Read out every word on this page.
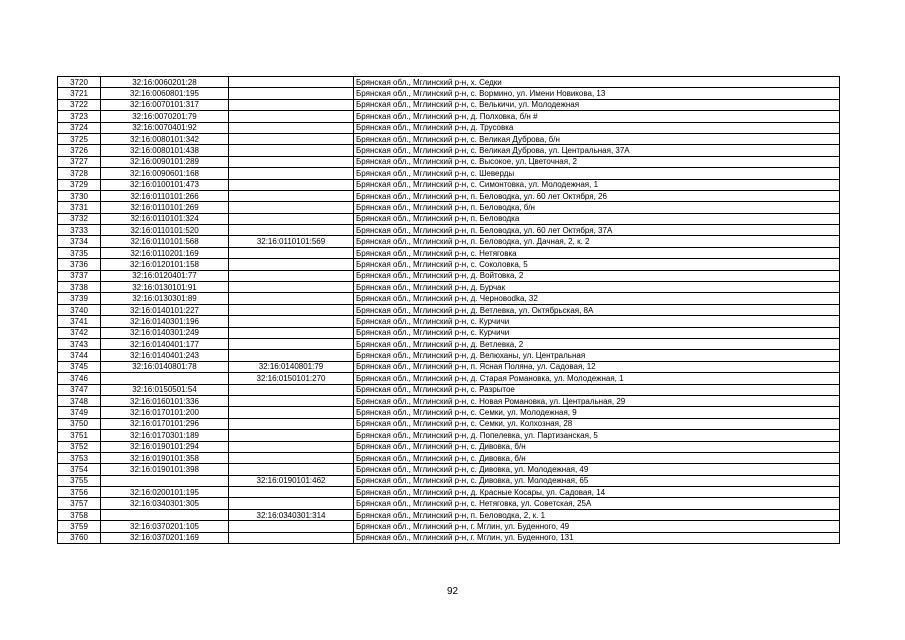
3720	32:16:0060201:28		Брянская обл., Мглинский р-н, х. Седки
3721	32:16:0060801:195		Брянская обл., Мглинский р-н, с. Вормино, ул. Имени Новикова, 13
3722	32:16:0070101:317		Брянская обл., Мглинский р-н, с. Велькичи, ул. Молодежная
3723	32:16:0070201:79		Брянская обл., Мглинский р-н, д. Полховка, б/н #
3724	32:16:0070401:92		Брянская обл., Мглинский р-н, д. Трусовка
3725	32:16:0080101:342		Брянская обл., Мглинский р-н, с. Великая Дуброва, б/н
3726	32:16:0080101:438		Брянская обл., Мглинский р-н, с. Великая Дуброва, ул. Центральная, 37А
3727	32:16:0090101:289		Брянская обл., Мглинский р-н, с. Высокое, ул. Цветочная, 2
3728	32:16:0090601:168		Брянская обл., Мглинский р-н, с. Шеверды
3729	32:16:0100101:473		Брянская обл., Мглинский р-н, с. Симонтовка, ул. Молодежная, 1
3730	32:16:0110101:266		Брянская обл., Мглинский р-н, п. Беловодка, ул. 60 лет Октября, 26
3731	32:16:0110101:269		Брянская обл., Мглинский р-н, п. Беловодка, б/н
3732	32:16:0110101:324		Брянская обл., Мглинский р-н, п. Беловодка
3733	32:16:0110101:520		Брянская обл., Мглинский р-н, п. Беловодка, ул. 60 лет Октября, 37А
3734	32:16:0110101:568	32:16:0110101:569	Брянская обл., Мглинский р-н, п. Беловодка, ул. Дачная, 2, к. 2
3735	32:16:0110201:169		Брянская обл., Мглинский р-н, с. Нетяговка
3736	32:16:0120101:158		Брянская обл., Мглинский р-н, с. Соколовка, 5
3737	32:16:0120401:77		Брянская обл., Мглинский р-н, д. Войтовка, 2
3738	32:16:0130101:91		Брянская обл., Мглинский р-н, д. Бурчак
3739	32:16:0130301:89		Брянская обл., Мглинский р-н, д. Черновodka, 32
3740	32:16:0140101:227		Брянская обл., Мглинский р-н, д. Ветлевка, ул. Октябрьская, 8А
3741	32:16:0140301:196		Брянская обл., Мглинский р-н, с. Курчичи
3742	32:16:0140301:249		Брянская обл., Мглинский р-н, с. Курчичи
3743	32:16:0140401:177		Брянская обл., Мглинский р-н, д. Ветлевка, 2
3744	32:16:0140401:243		Брянская обл., Мглинский р-н, д. Велюханы, ул. Центральная
3745	32:16:0140801:78	32:16:0140801:79	Брянская обл., Мглинский р-н, п. Ясная Поляна, ул. Садовая, 12
3746		32:16:0150101:270	Брянская обл., Мглинский р-н, д. Старая Романовка, ул. Молодежная, 1
3747	32:16:0150501:54		Брянская обл., Мглинский р-н, с. Разрытое
3748	32:16:0160101:336		Брянская обл., Мглинский р-н, с. Новая Романовка, ул. Центральная, 29
3749	32:16:0170101:200		Брянская обл., Мглинский р-н, с. Семки, ул. Молодежная, 9
3750	32:16:0170101:296		Брянская обл., Мглинский р-н, с. Семки, ул. Колхозная, 28
3751	32:16:0170301:189		Брянская обл., Мглинский р-н, д. Попелевка, ул. Партизанская, 5
3752	32:16:0190101:294		Брянская обл., Мглинский р-н, с. Дивовка, б/н
3753	32:16:0190101:358		Брянская обл., Мглинский р-н, с. Дивовка, б/н
3754	32:16:0190101:398		Брянская обл., Мглинский р-н, с. Дивовка, ул. Молодежная, 49
3755		32:16:0190101:462	Брянская обл., Мглинский р-н, с. Дивовка, ул. Молодежная, 65
3756	32:16:0200101:195		Брянская обл., Мглинский р-н, д. Красные Косары, ул. Садовая, 14
3757	32:16:0340301:305		Брянская обл., Мглинский р-н, с. Нетяговка, ул. Советская, 25А
3758		32:16:0340301:314	Брянская обл., Мглинский р-н, п. Беловодка, 2, к. 1
3759	32:16:0370201:105		Брянская обл., Мглинский р-н, г. Мглин, ул. Буденного, 49
3760	32:16:0370201:169		Брянская обл., Мглинский р-н, г. Мглин, ул. Буденного, 131
92
